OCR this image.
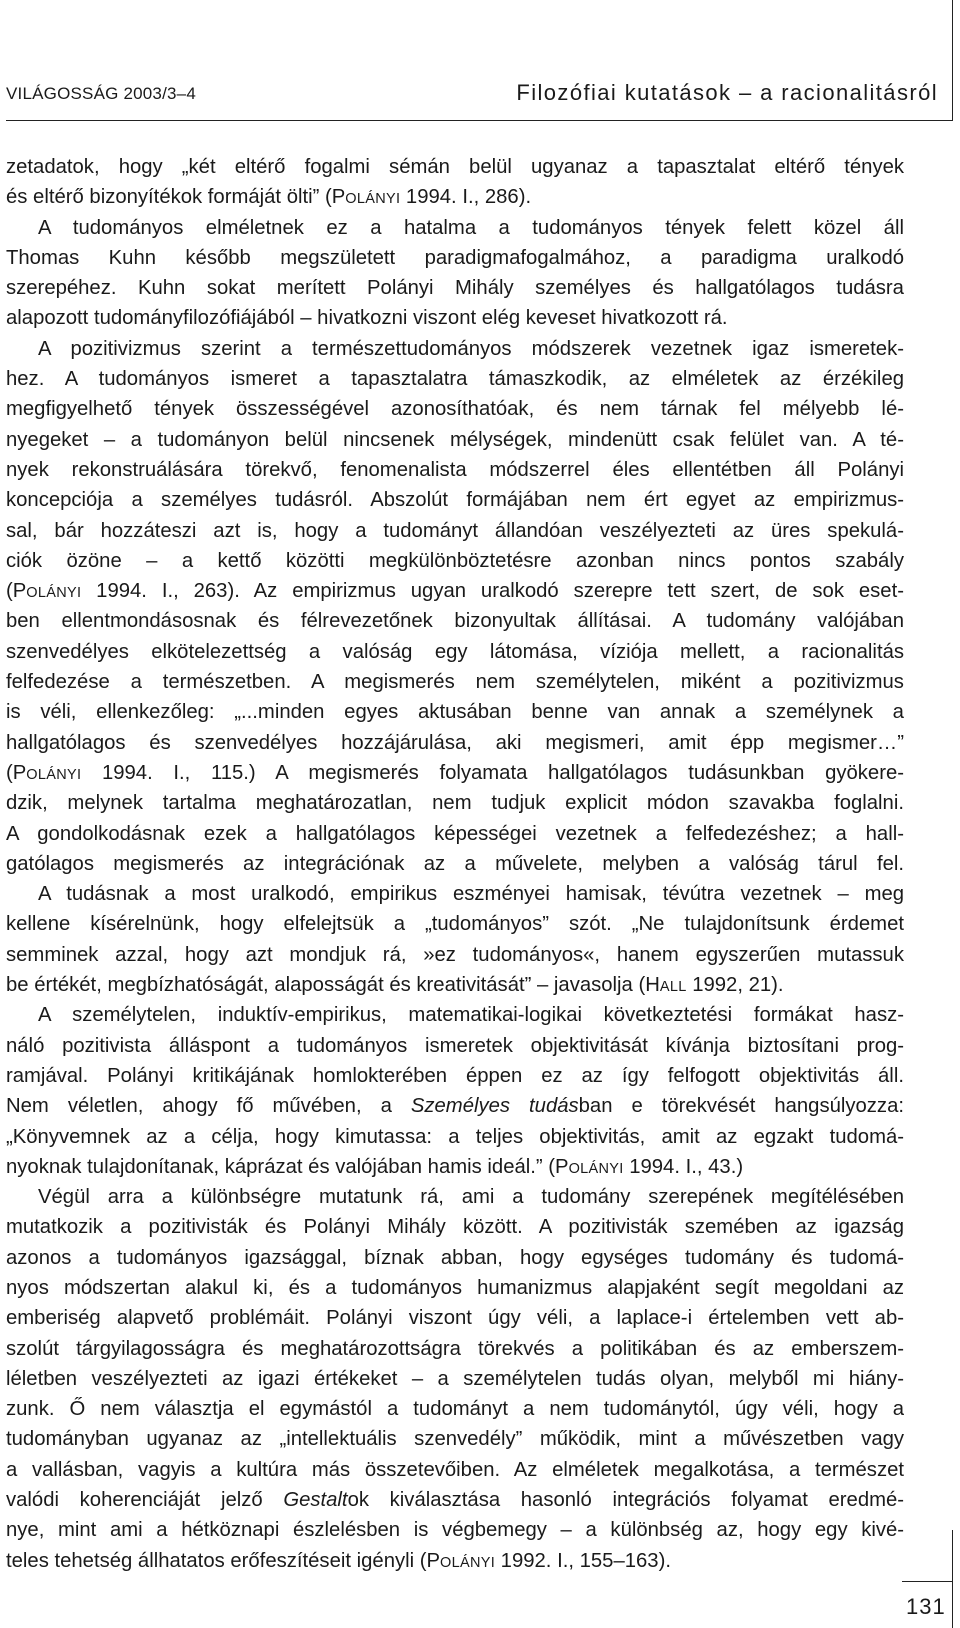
VILÁGOSSÁG 2003/3–4	Filozófiai kutatások – a racionalitásról
zetadatok, hogy „két eltérő fogalmi sémán belül ugyanaz a tapasztalat eltérő tények
és eltérő bizonyítékok formáját ölti” (POLÁNYI 1994. I., 286).
A tudományos elméletnek ez a hatalma a tudományos tények felett közel áll
Thomas Kuhn később megszületett paradigmafogalmához, a paradigma uralkodó
szerepéhez. Kuhn sokat merített Polányi Mihály személyes és hallgatólagos tudásra
alapozott tudományfilozófiájából – hivatkozni viszont elég keveset hivatkozott rá.
A pozitivizmus szerint a természettudományos módszerek vezetnek igaz ismeretek-
hez. A tudományos ismeret a tapasztalatra támaszkodik, az elméletek az érzékileg
megfigyelhető tények összességével azonosíthatóak, és nem tárnak fel mélyebb lé-
nyegeket – a tudományon belül nincsenek mélységek, mindenütt csak felület van. A té-
nyek rekonstruálására törekvő, fenomenalista módszerrel éles ellentétben áll Polányi
koncepciója a személyes tudásról. Abszolút formájában nem ért egyet az empirizmus-
sal, bár hozzáteszi azt is, hogy a tudományt állandóan veszélyezteti az üres spekulá-
ciók özöne – a kettő közötti megkülönböztetésre azonban nincs pontos szabály
(POLÁNYI 1994. I., 263). Az empirizmus ugyan uralkodó szerepre tett szert, de sok eset-
ben ellentmondásosnak és félrevezetőnek bizonyultak állításai. A tudomány valójában
szenvedélyes elkötelezettség a valóság egy látomása, víziója mellett, a racionalitás
felfedezése a természetben. A megismerés nem személytelen, miként a pozitivizmus
is véli, ellenkezőleg: „...minden egyes aktusában benne van annak a személynek a
hallgatólagos és szenvedélyes hozzájárulása, aki megismeri, amit épp megismer…”
(POLÁNYI 1994. I., 115.) A megismerés folyamata hallgatólagos tudásunkban gyökere-
dzik, melynek tartalma meghatározatlan, nem tudjuk explicit módon szavakba foglalni.
A gondolkodásnak ezek a hallgatólagos képességei vezetnek a felfedezéshez; a hall-
gatólagos megismerés az integrációnak az a művelete, melyben a valóság tárul fel.
A tudásnak a most uralkodó, empirikus eszményei hamisak, tévútra vezetnek – meg
kellene kísérelnünk, hogy elfelejtsük a „tudományos” szót. „Ne tulajdonítsunk érdemet
semminek azzal, hogy azt mondjuk rá, »ez tudományos«, hanem egyszerűen mutassuk
be értékét, megbízhatóságát, alaposságát és kreativitását” – javasolja (HALL 1992, 21).
A személytelen, induktív-empirikus, matematikai-logikai következtetési formákat hasz-
náló pozitivista álláspont a tudományos ismeretek objektivitását kívánja biztosítani prog-
ramjával. Polányi kritikájának homlokterében éppen ez az így felfogott objektivitás áll.
Nem véletlen, ahogy fő művében, a Személyes tudásban e törekvését hangsúlyozza:
„Könyvemnek az a célja, hogy kimutassa: a teljes objektivitás, amit az egzakt tudomá-
nyoknak tulajdonítanak, káprázat és valójában hamis ideál.” (POLÁNYI 1994. I., 43.)
Végül arra a különbségre mutatunk rá, ami a tudomány szerepének megítélésében
mutatkozik a pozitivisták és Polányi Mihály között. A pozitivisták szemében az igazság
azonos a tudományos igazsággal, bíznak abban, hogy egységes tudomány és tudomá-
nyos módszertan alakul ki, és a tudományos humanizmus alapjaként segít megoldani az
emberiség alapvető problémáit. Polányi viszont úgy véli, a laplace-i értelemben vett ab-
szolút tárgyilagosságra és meghatározottságra törekvés a politikában és az emberszem-
léletben veszélyezteti az igazi értékeket – a személytelen tudás olyan, melyből mi hiány-
zunk. Ő nem választja el egymástól a tudományt a nem tudománytól, úgy véli, hogy a
tudományban ugyanaz az „intellektuális szenvedély” működik, mint a művészetben vagy
a vallásban, vagyis a kultúra más összetevőiben. Az elméletek megalkotása, a természet
valódi koherenciáját jelző Gestaltok kiválasztása hasonló integrációs folyamat eredmé-
nye, mint ami a hétköznapi észlelésben is végbemegy – a különbség az, hogy egy kivé-
teles tehetség állhatatos erőfeszítéseit igényli (POLÁNYI 1992. I., 155–163).
131
